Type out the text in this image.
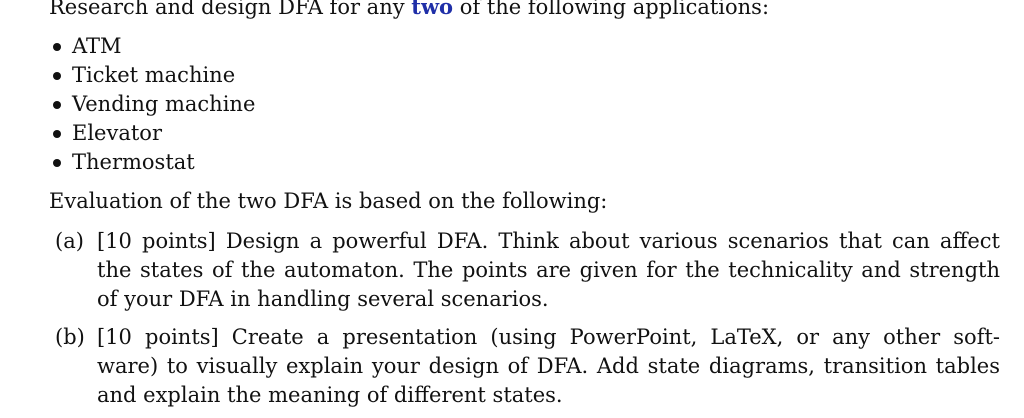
Research and design DFA for any two of the following applications:
ATM
Ticket machine
Vending machine
Elevator
Thermostat
Evaluation of the two DFA is based on the following:
(a) [10 points] Design a powerful DFA. Think about various scenarios that can affect
the states of the automaton. The points are given for the technicality and strength
of your DFA in handling several scenarios.
(b) [10 points] Create a presentation (using PowerPoint, LaTeX, or any other soft-
ware) to visually explain your design of DFA. Add state diagrams, transition tables
and explain the meaning of different states.
